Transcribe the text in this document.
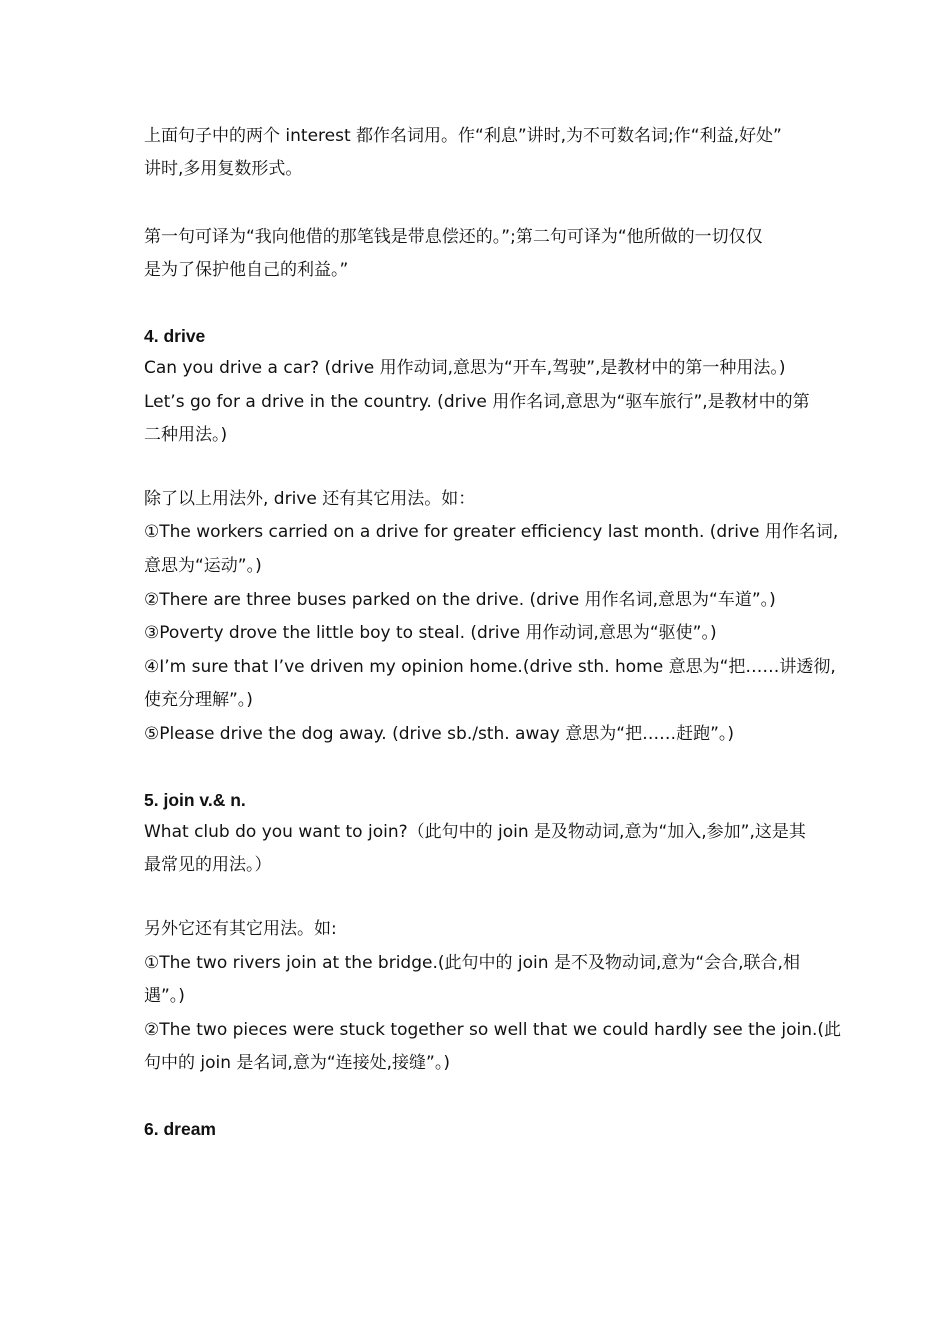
上面句子中的两个 interest 都作名词用。作“利息”讲时,为不可数名词;作“利益,好处”
讲时,多用复数形式。
第一句可译为“我向他借的那笔钱是带息偿还的。”;第二句可译为“他所做的一切仅仅
是为了保护他自己的利益。”
4. drive
Can you drive a car? (drive 用作动词,意思为“开车,驾驶”,是教材中的第一种用法。)
Let’s go for a drive in the country. (drive 用作名词,意思为“驱车旅行”,是教材中的第
二种用法。)
除了以上用法外, drive 还有其它用法。如：
①The workers carried on a drive for greater efficiency last month. (drive 用作名词,
意思为“运动”。)
②There are three buses parked on the drive. (drive 用作名词,意思为“车道”。)
③Poverty drove the little boy to steal. (drive 用作动词,意思为“驱使”。)
④I’m sure that I’ve driven my opinion home.(drive sth. home 意思为“把……讲透彻,
使充分理解”。)
⑤Please drive the dog away. (drive sb./sth. away 意思为“把……赶跑”。)
5. join v.& n.
What club do you want to join?（此句中的 join 是及物动词,意为“加入,参加”,这是其
最常见的用法。）
另外它还有其它用法。如:
①The two rivers join at the bridge.(此句中的 join 是不及物动词,意为“会合,联合,相
遇”。)
②The two pieces were stuck together so well that we could hardly see the join.(此
句中的 join 是名词,意为“连接处,接缝”。)
6. dream
